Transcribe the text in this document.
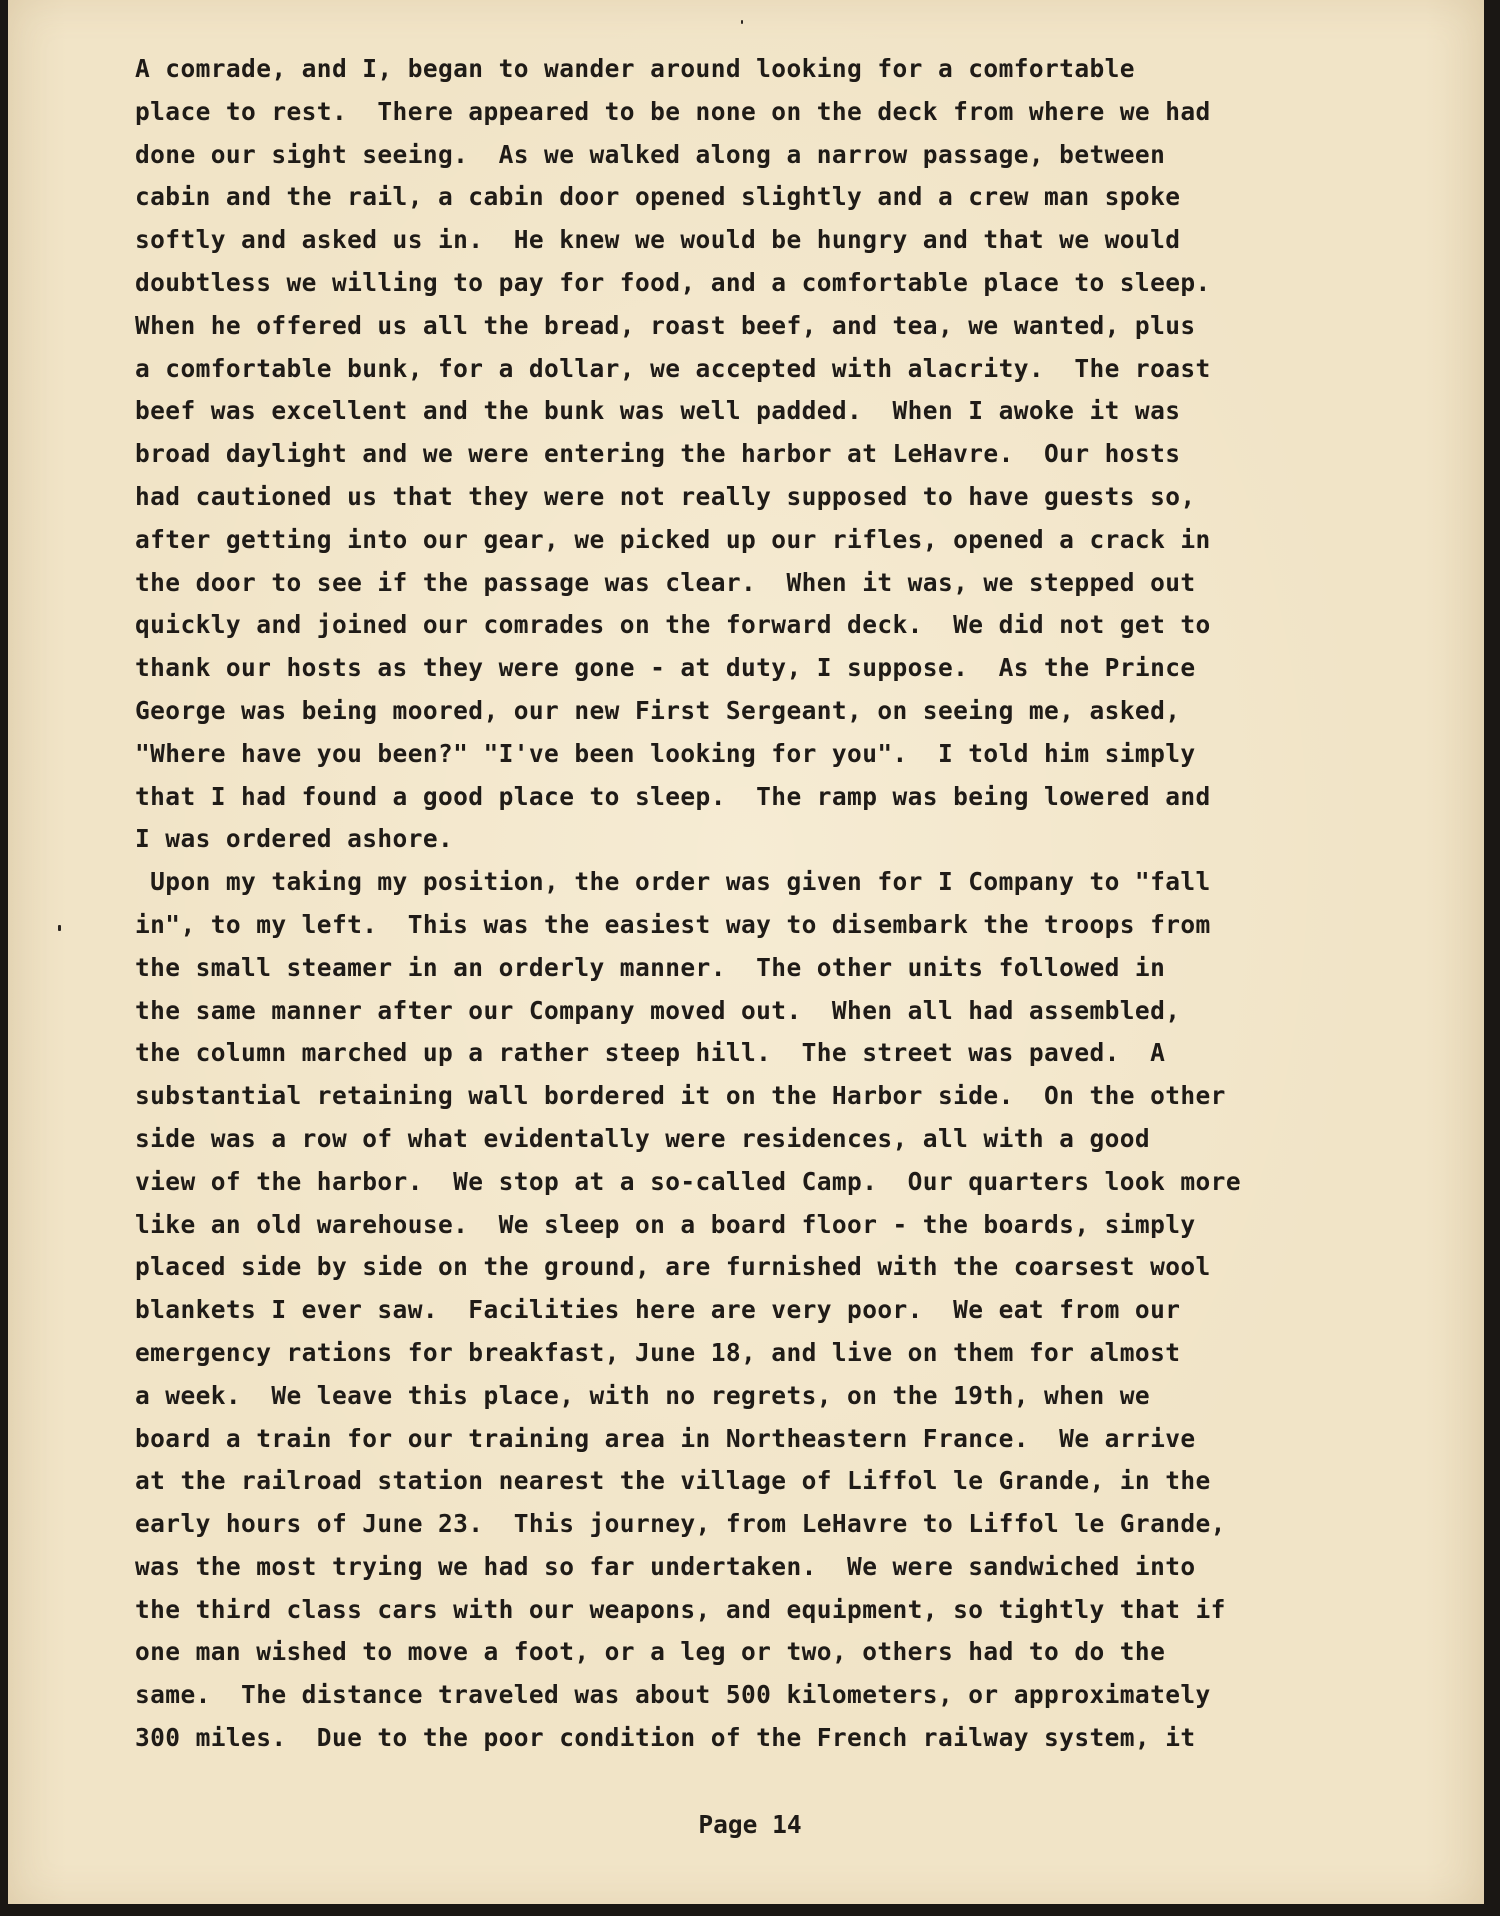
A comrade, and I, began to wander around looking for a comfortable
place to rest.  There appeared to be none on the deck from where we had
done our sight seeing.  As we walked along a narrow passage, between
cabin and the rail, a cabin door opened slightly and a crew man spoke
softly and asked us in.  He knew we would be hungry and that we would
doubtless we willing to pay for food, and a comfortable place to sleep.
When he offered us all the bread, roast beef, and tea, we wanted, plus
a comfortable bunk, for a dollar, we accepted with alacrity.  The roast
beef was excellent and the bunk was well padded.  When I awoke it was
broad daylight and we were entering the harbor at LeHavre.  Our hosts
had cautioned us that they were not really supposed to have guests so,
after getting into our gear, we picked up our rifles, opened a crack in
the door to see if the passage was clear.  When it was, we stepped out
quickly and joined our comrades on the forward deck.  We did not get to
thank our hosts as they were gone - at duty, I suppose.  As the Prince
George was being moored, our new First Sergeant, on seeing me, asked,
"Where have you been?" "I've been looking for you".  I told him simply
that I had found a good place to sleep.  The ramp was being lowered and
I was ordered ashore.
Upon my taking my position, the order was given for I Company to "fall
in", to my left.  This was the easiest way to disembark the troops from
the small steamer in an orderly manner.  The other units followed in
the same manner after our Company moved out.  When all had assembled,
the column marched up a rather steep hill.  The street was paved.  A
substantial retaining wall bordered it on the Harbor side.  On the other
side was a row of what evidentally were residences, all with a good
view of the harbor.  We stop at a so-called Camp.  Our quarters look more
like an old warehouse.  We sleep on a board floor - the boards, simply
placed side by side on the ground, are furnished with the coarsest wool
blankets I ever saw.  Facilities here are very poor.  We eat from our
emergency rations for breakfast, June 18, and live on them for almost
a week.  We leave this place, with no regrets, on the 19th, when we
board a train for our training area in Northeastern France.  We arrive
at the railroad station nearest the village of Liffol le Grande, in the
early hours of June 23.  This journey, from LeHavre to Liffol le Grande,
was the most trying we had so far undertaken.  We were sandwiched into
the third class cars with our weapons, and equipment, so tightly that if
one man wished to move a foot, or a leg or two, others had to do the
same.  The distance traveled was about 500 kilometers, or approximately
300 miles.  Due to the poor condition of the French railway system, it
Page 14
